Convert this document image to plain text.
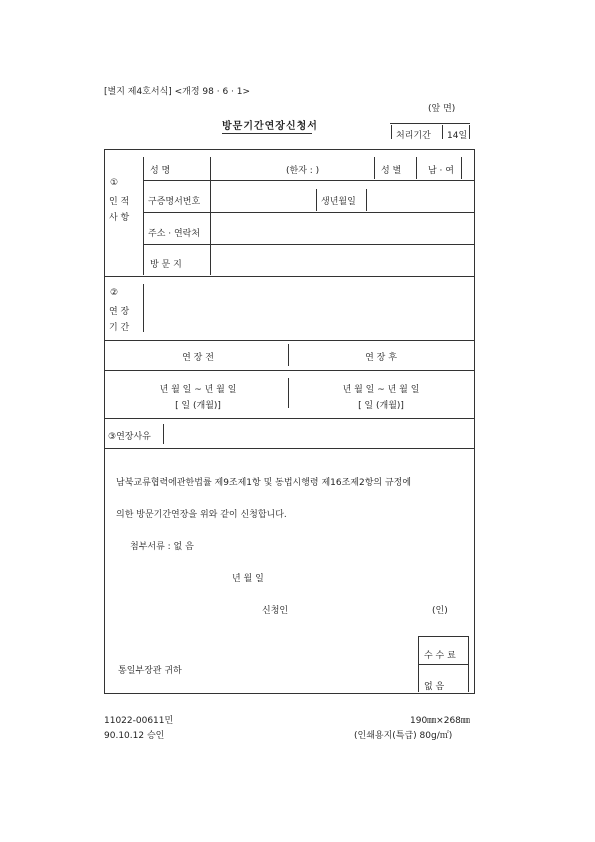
[별지 제4호서식] <개정 98 · 6 · 1>
(앞 면)
방문기간연장신청서
처리기간 14일
①
인 적
사 항
성 명	(한자 : )	성 별	남 · 여
구증명서번호	생년월일
주소 · 연락처
방 문 지
②
연 장
기 간
연 장 전	연 장 후
년 월 일 ~ 년 월 일	년 월 일 ~ 년 월 일
[ 일 (개월)]	[ 일 (개월)]
③연장사유
남북교류협력에관한법률 제9조제1항 및 동법시행령 제16조제2항의 규정에
의한 방문기간연장을 위와 같이 신청합니다.
첨부서류 : 없 음
년 월 일
신청인	(인)
통일부장관 귀하
수 수 료
없 음
11022-00611민
90.10.12 승인
190㎜×268㎜
(인쇄용지(특급) 80g/㎡)
